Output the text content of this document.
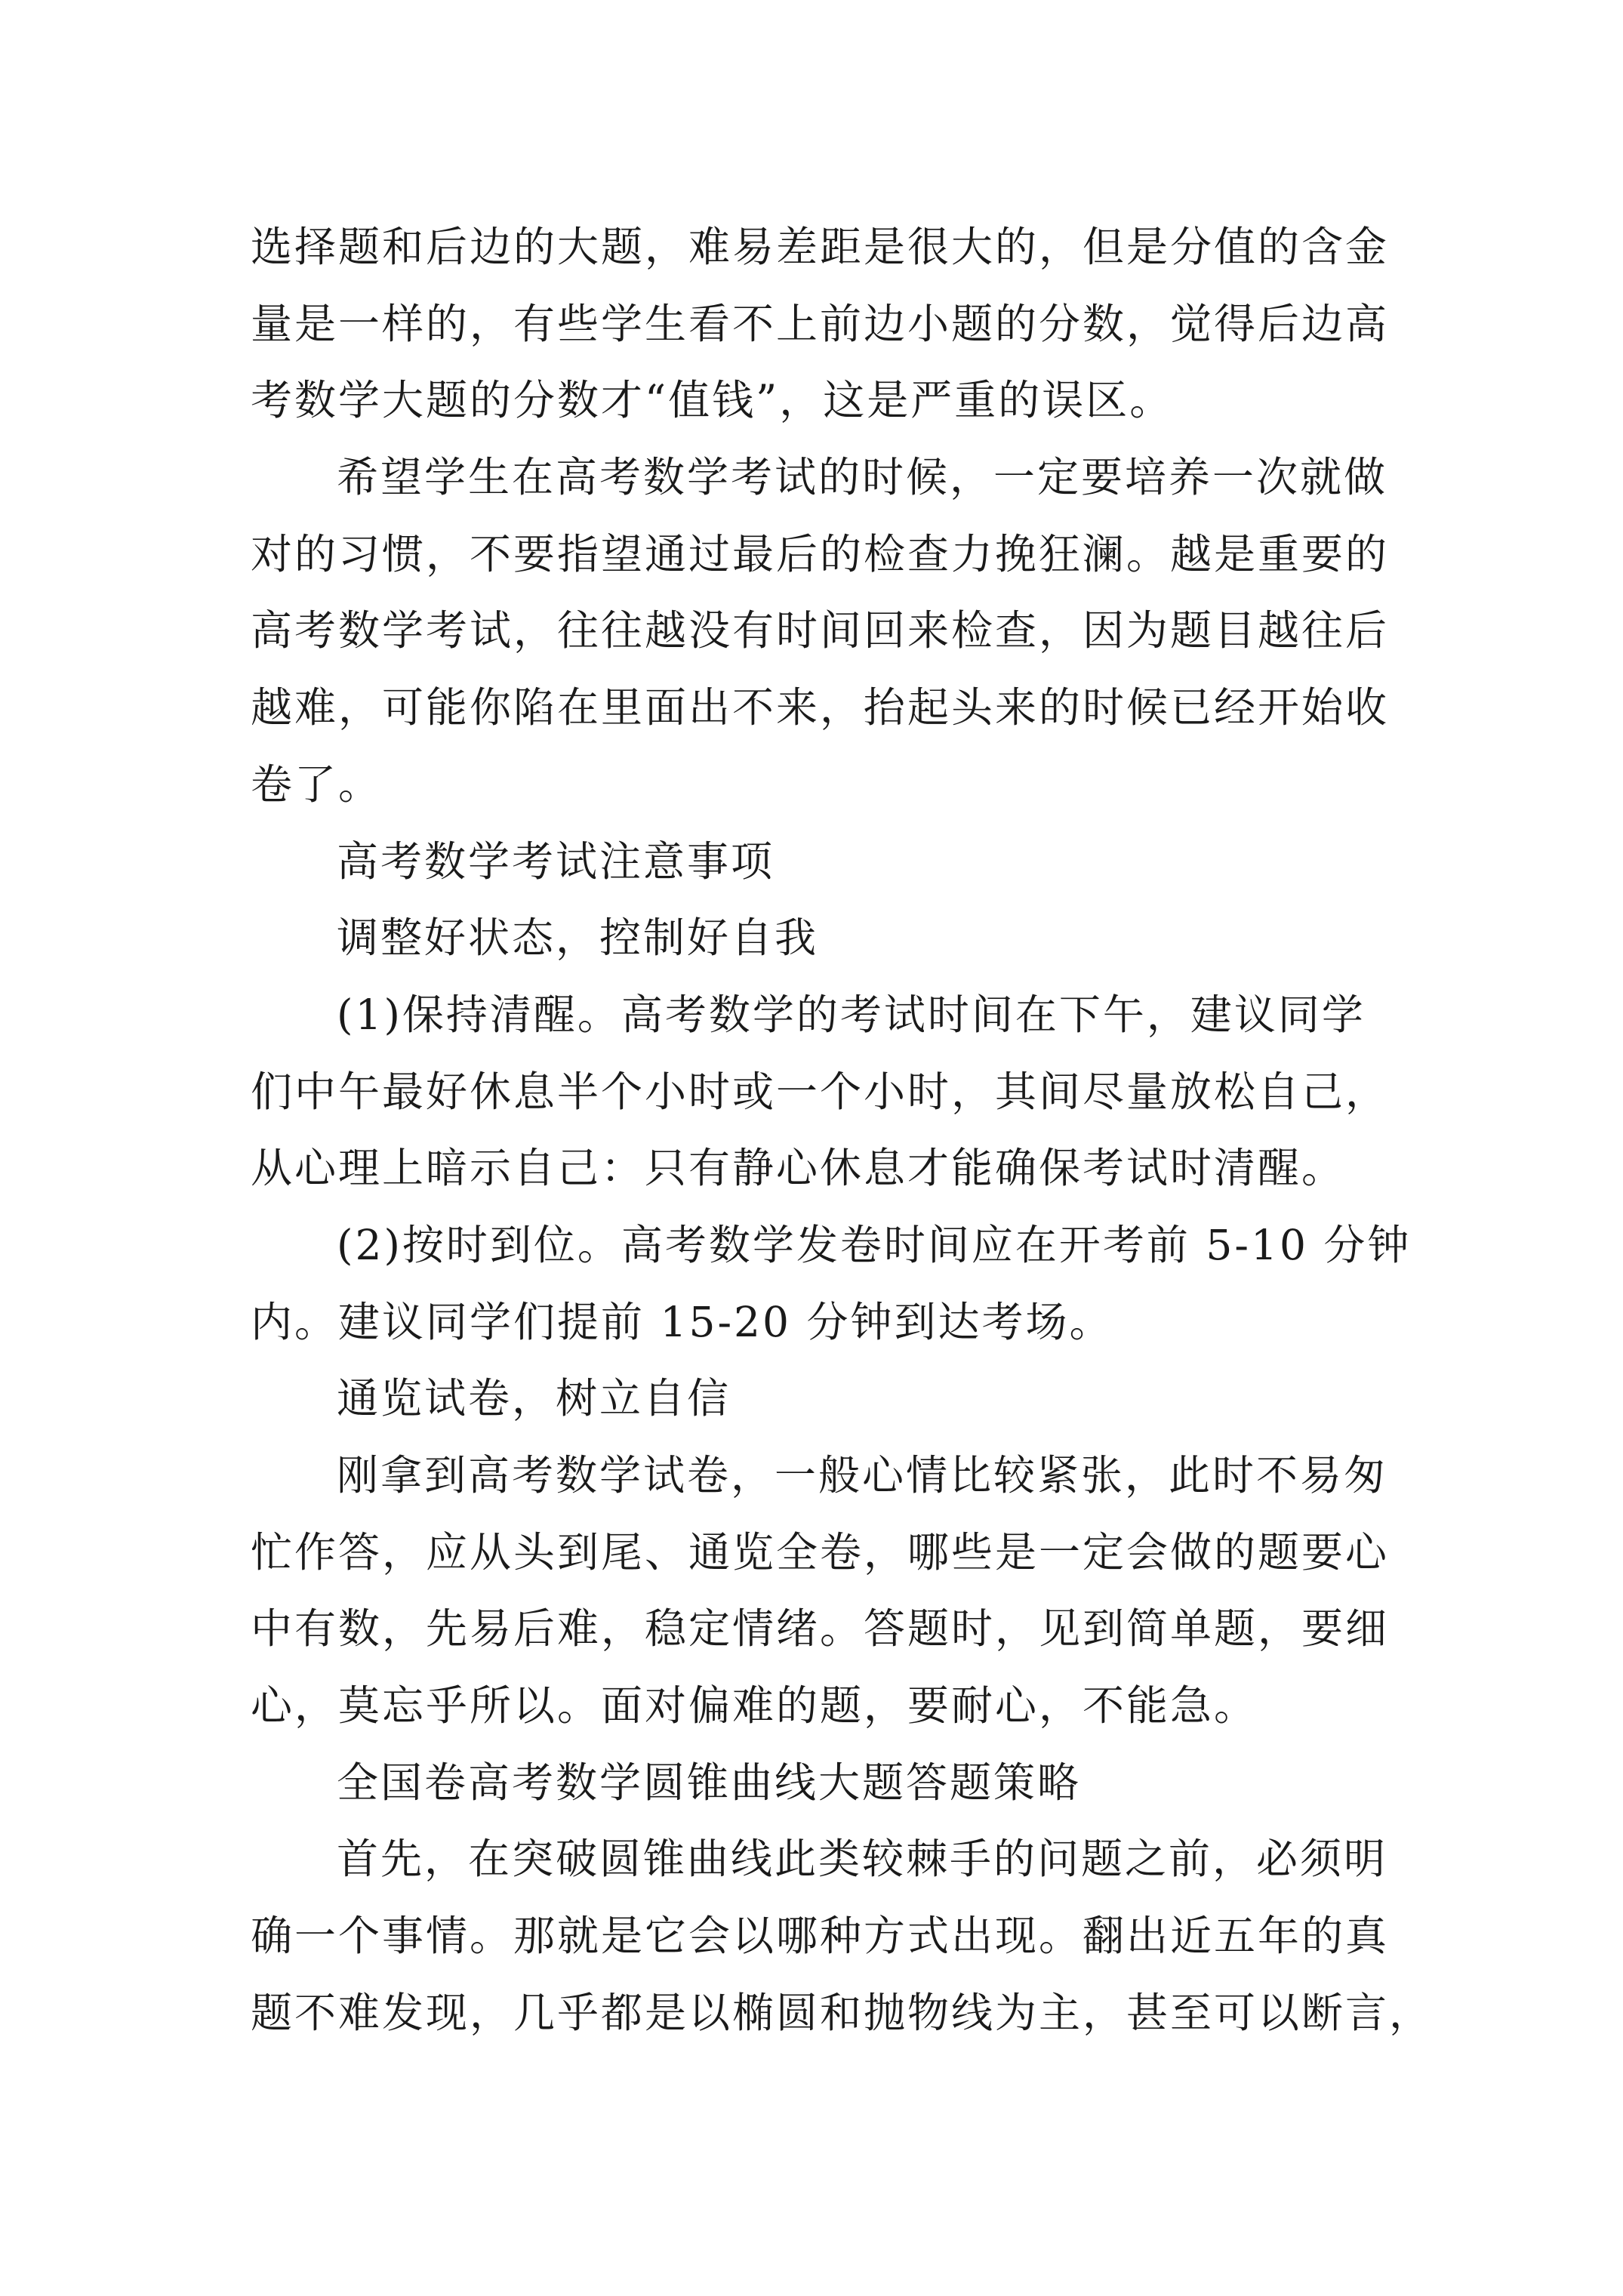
选择题和后边的大题，难易差距是很大的，但是分值的含金
量是一样的，有些学生看不上前边小题的分数，觉得后边高
考数学大题的分数才“值钱”，这是严重的误区。
希望学生在高考数学考试的时候，一定要培养一次就做
对的习惯，不要指望通过最后的检查力挽狂澜。越是重要的
高考数学考试，往往越没有时间回来检查，因为题目越往后
越难，可能你陷在里面出不来，抬起头来的时候已经开始收
卷了。
高考数学考试注意事项
调整好状态，控制好自我
(1)保持清醒。高考数学的考试时间在下午，建议同学
们中午最好休息半个小时或一个小时，其间尽量放松自己，
从心理上暗示自己：只有静心休息才能确保考试时清醒。
(2)按时到位。高考数学发卷时间应在开考前 5-10 分钟
内。建议同学们提前 15-20 分钟到达考场。
通览试卷，树立自信
刚拿到高考数学试卷，一般心情比较紧张，此时不易匆
忙作答，应从头到尾、通览全卷，哪些是一定会做的题要心
中有数，先易后难，稳定情绪。答题时，见到简单题，要细
心，莫忘乎所以。面对偏难的题，要耐心，不能急。
全国卷高考数学圆锥曲线大题答题策略
首先，在突破圆锥曲线此类较棘手的问题之前，必须明
确一个事情。那就是它会以哪种方式出现。翻出近五年的真
题不难发现，几乎都是以椭圆和抛物线为主，甚至可以断言，
